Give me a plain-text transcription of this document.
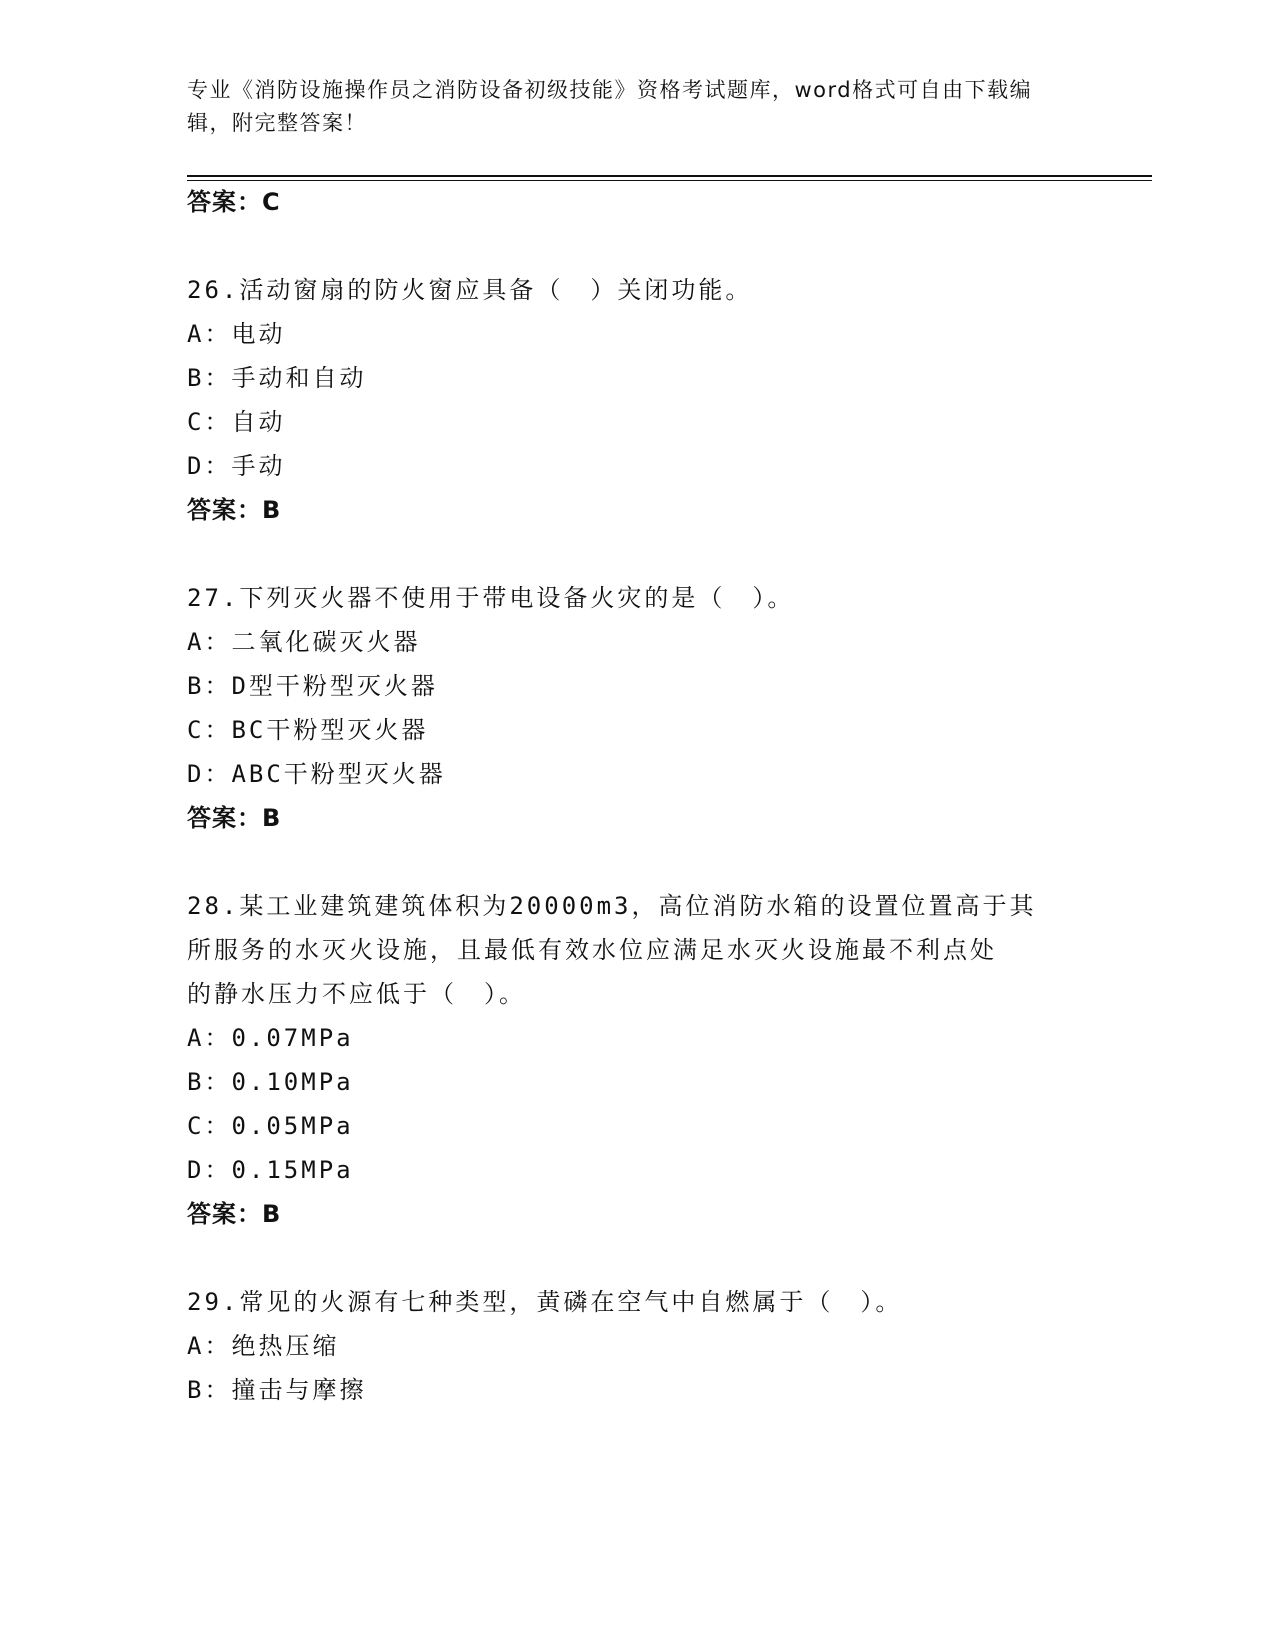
专业《消防设施操作员之消防设备初级技能》资格考试题库，word格式可自由下载编辑，附完整答案！
答案：C
26.活动窗扇的防火窗应具备（　）关闭功能。
A：电动
B：手动和自动
C：自动
D：手动
答案：B
27.下列灭火器不使用于带电设备火灾的是（　）。
A：二氧化碳灭火器
B：D型干粉型灭火器
C：BC干粉型灭火器
D：ABC干粉型灭火器
答案：B
28.某工业建筑建筑体积为20000m3，高位消防水箱的设置位置高于其
所服务的水灭火设施，且最低有效水位应满足水灭火设施最不利点处
的静水压力不应低于（　）。
A：0.07MPa
B：0.10MPa
C：0.05MPa
D：0.15MPa
答案：B
29.常见的火源有七种类型，黄磷在空气中自燃属于（　）。
A：绝热压缩
B：撞击与摩擦
